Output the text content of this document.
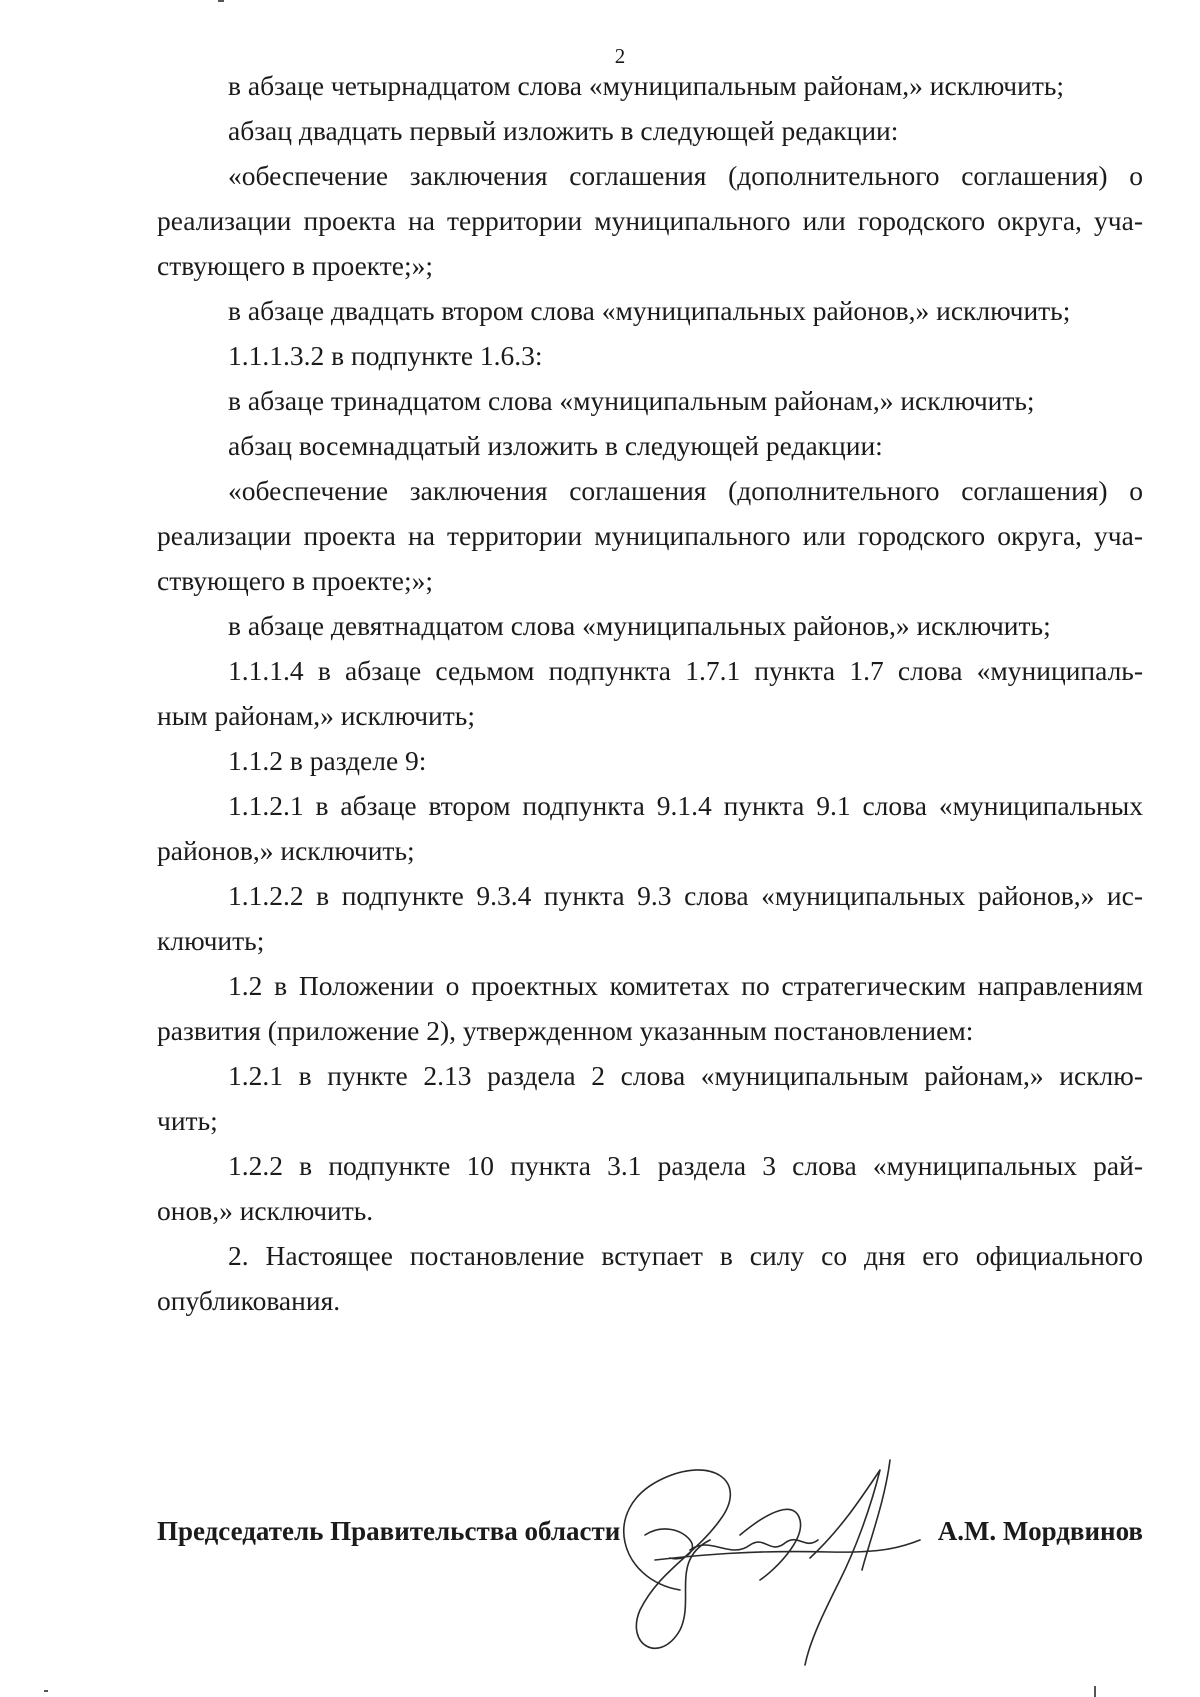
2
в абзаце четырнадцатом слова «муниципальным районам,» исключить;
абзац двадцать первый изложить в следующей редакции:
«обеспечение заключения соглашения (дополнительного соглашения) о
реализации проекта на территории муниципального или городского округа, уча-
ствующего в проекте;»;
в абзаце двадцать втором слова «муниципальных районов,» исключить;
1.1.1.3.2 в подпункте 1.6.3:
в абзаце тринадцатом слова «муниципальным районам,» исключить;
абзац восемнадцатый изложить в следующей редакции:
«обеспечение заключения соглашения (дополнительного соглашения) о
реализации проекта на территории муниципального или городского округа, уча-
ствующего в проекте;»;
в абзаце девятнадцатом слова «муниципальных районов,» исключить;
1.1.1.4 в абзаце седьмом подпункта 1.7.1 пункта 1.7 слова «муниципаль-
ным районам,» исключить;
1.1.2 в разделе 9:
1.1.2.1 в абзаце втором подпункта 9.1.4 пункта 9.1 слова «муниципальных
районов,» исключить;
1.1.2.2 в подпункте 9.3.4 пункта 9.3 слова «муниципальных районов,» ис-
ключить;
1.2 в Положении о проектных комитетах по стратегическим направлениям
развития (приложение 2), утвержденном указанным постановлением:
1.2.1 в пункте 2.13 раздела 2 слова «муниципальным районам,» исклю-
чить;
1.2.2 в подпункте 10 пункта 3.1 раздела 3 слова «муниципальных рай-
онов,» исключить.
2. Настоящее постановление вступает в силу со дня его официального
опубликования.
Председатель Правительства области	А.М. Мордвинов
